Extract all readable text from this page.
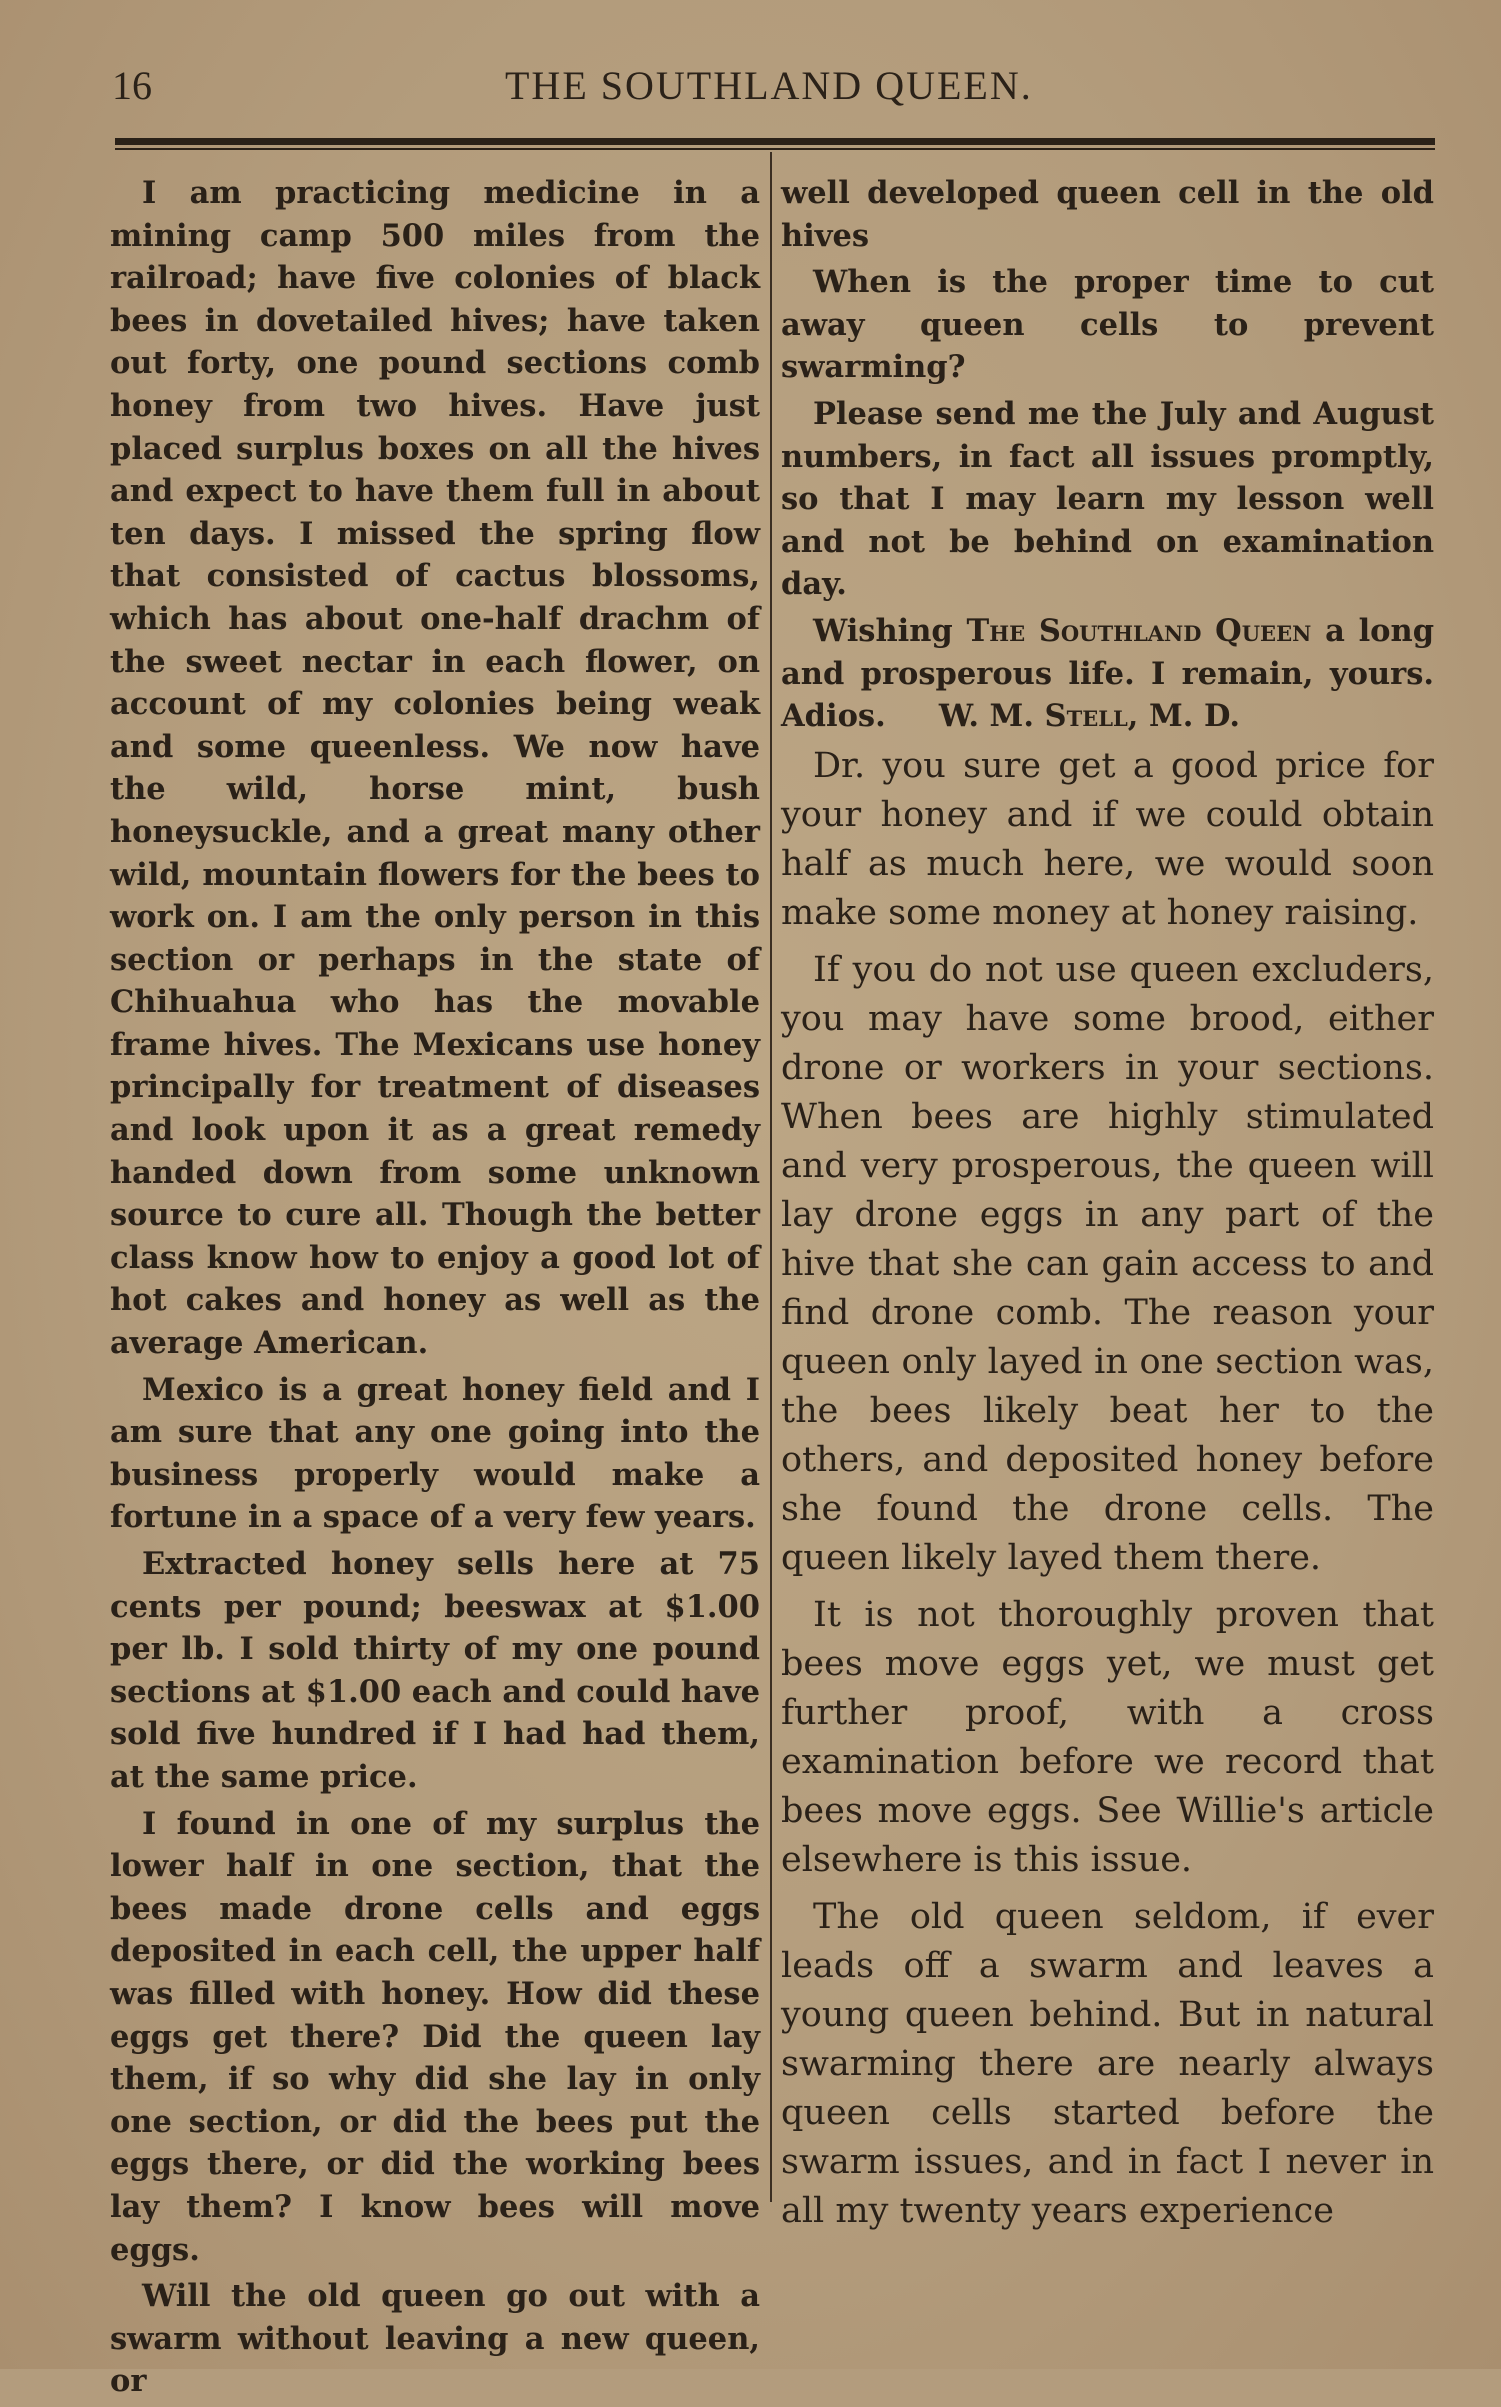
16	THE SOUTHLAND QUEEN.

I am practicing medicine in a mining camp 500 miles from the railroad; have five colonies of black bees in dovetailed hives; have taken out forty, one pound sections comb honey from two hives. Have just placed surplus boxes on all the hives and expect to have them full in about ten days. I missed the spring flow that consisted of cactus blossoms, which has about one-half drachm of the sweet nectar in each flower, on account of my colonies being weak and some queenless. We now have the wild, horse mint, bush honeysuckle, and a great many other wild, mountain flowers for the bees to work on. I am the only person in this section or perhaps in the state of Chihuahua who has the movable frame hives. The Mexicans use honey principally for treatment of diseases and look upon it as a great remedy handed down from some unknown source to cure all. Though the better class know how to enjoy a good lot of hot cakes and honey as well as the average American.

Mexico is a great honey field and I am sure that any one going into the business properly would make a fortune in a space of a very few years.

Extracted honey sells here at 75 cents per pound; beeswax at $1.00 per lb. I sold thirty of my one pound sections at $1.00 each and could have sold five hundred if I had had them, at the same price.

I found in one of my surplus the lower half in one section, that the bees made drone cells and eggs deposited in each cell, the upper half was filled with honey. How did these eggs get there? Did the queen lay them, if so why did she lay in only one section, or did the bees put the eggs there, or did the working bees lay them? I know bees will move eggs.

Will the old queen go out with a swarm without leaving a new queen, or

well developed queen cell in the old hives

When is the proper time to cut away queen cells to prevent swarming?

Please send me the July and August numbers, in fact all issues promptly, so that I may learn my lesson well and not be behind on examination day.

Wishing The Southland Queen a long and prosperous life. I remain, yours. Adios. W. M. Stell, M. D.

Dr. you sure get a good price for your honey and if we could obtain half as much here, we would soon make some money at honey raising.

If you do not use queen excluders, you may have some brood, either drone or workers in your sections. When bees are highly stimulated and very prosperous, the queen will lay drone eggs in any part of the hive that she can gain access to and find drone comb. The reason your queen only layed in one section was, the bees likely beat her to the others, and deposited honey before she found the drone cells. The queen likely layed them there.

It is not thoroughly proven that bees move eggs yet, we must get further proof, with a cross examination before we record that bees move eggs. See Willie's article elsewhere is this issue.

The old queen seldom, if ever leads off a swarm and leaves a young queen behind. But in natural swarming there are nearly always queen cells started before the swarm issues, and in fact I never in all my twenty years experience
